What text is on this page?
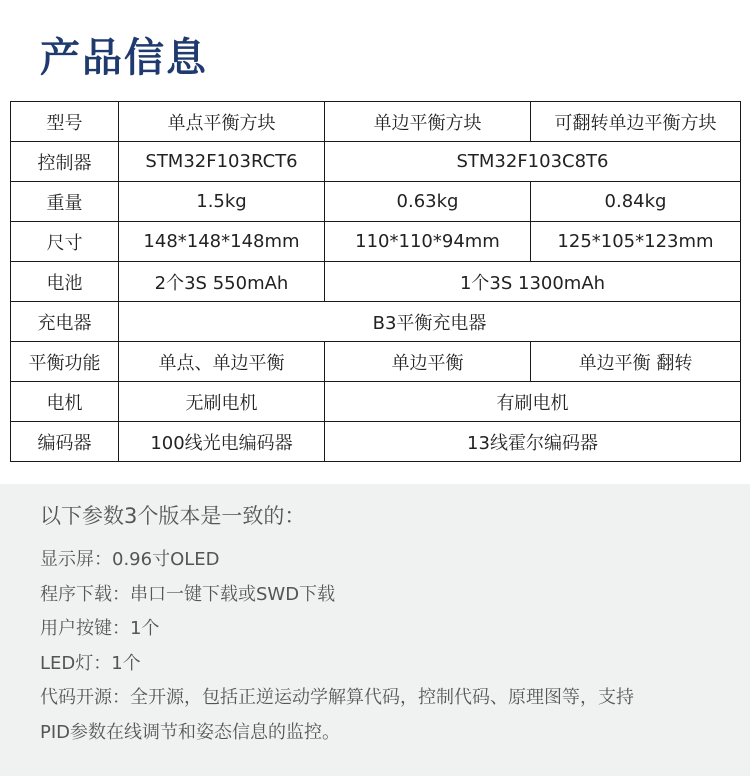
产品信息
型号	单点平衡方块	单边平衡方块	可翻转单边平衡方块
控制器	STM32F103RCT6	STM32F103C8T6	
重量	1.5kg	0.63kg	0.84kg
尺寸	148*148*148mm	110*110*94mm	125*105*123mm
电池	2个3S 550mAh	1个3S 1300mAh	
充电器	B3平衡充电器		
平衡功能	单点、单边平衡	单边平衡	单边平衡 翻转
电机	无刷电机	有刷电机	
编码器	100线光电编码器	13线霍尔编码器	

以下参数3个版本是一致的：

显示屏：0.96寸OLED

程序下载：串口一键下载或SWD下载

用户按键：1个

LED灯：1个

代码开源：全开源，包括正逆运动学解算代码，控制代码、原理图等，支持

PID参数在线调节和姿态信息的监控。
